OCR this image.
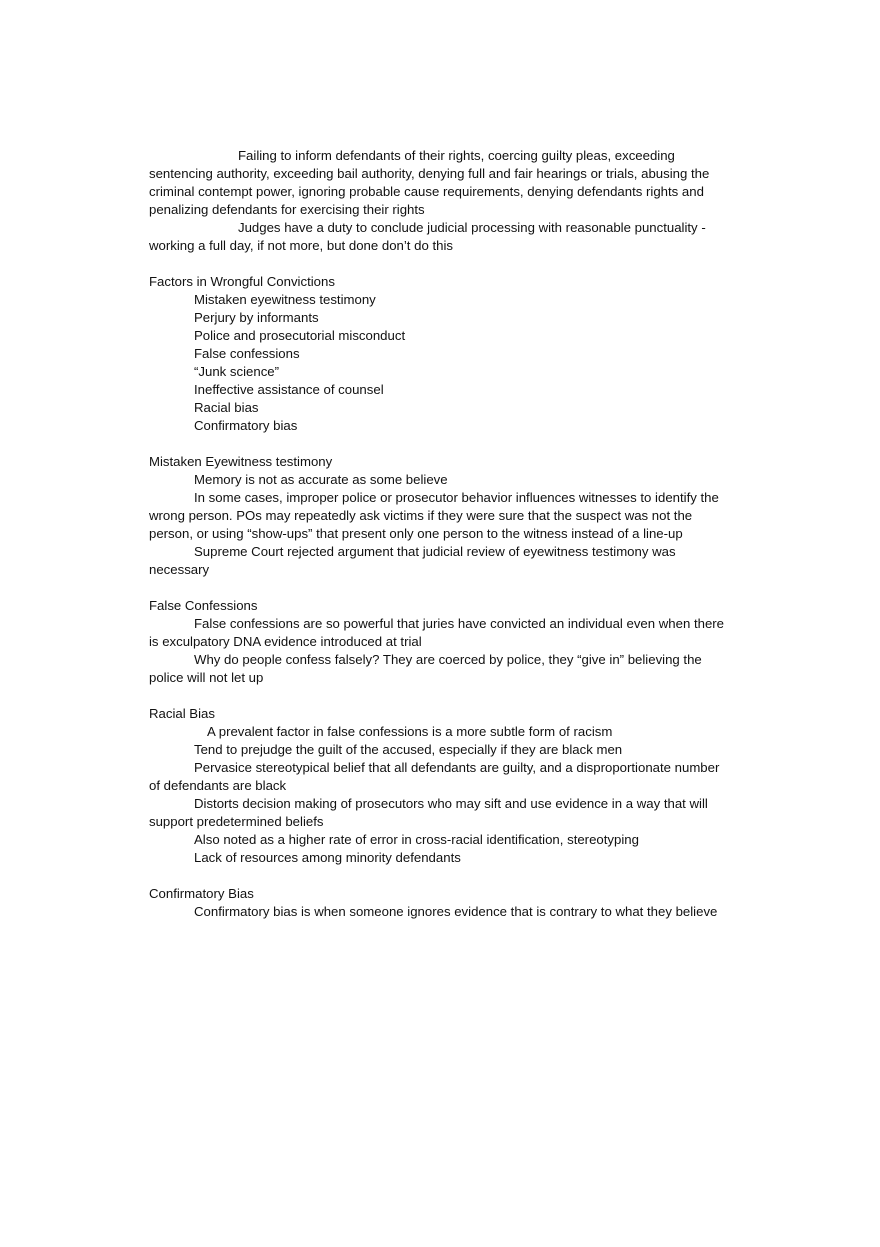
Failing to inform defendants of their rights, coercing guilty pleas, exceeding sentencing authority, exceeding bail authority, denying full and fair hearings or trials, abusing the criminal contempt power, ignoring probable cause requirements, denying defendants rights and penalizing defendants for exercising their rights

Judges have a duty to conclude judicial processing with reasonable punctuality - working a full day, if not more, but done don’t do this

Factors in Wrongful Convictions

Mistaken eyewitness testimony

Perjury by informants

Police and prosecutorial misconduct

False confessions

“Junk science”

Ineffective assistance of counsel

Racial bias

Confirmatory bias

Mistaken Eyewitness testimony

Memory is not as accurate as some believe

In some cases, improper police or prosecutor behavior influences witnesses to identify the wrong person. POs may repeatedly ask victims if they were sure that the suspect was not the person, or using “show-ups” that present only one person to the witness instead of a line-up

Supreme Court rejected argument that judicial review of eyewitness testimony was necessary

False Confessions

False confessions are so powerful that juries have convicted an individual even when there is exculpatory DNA evidence introduced at trial

Why do people confess falsely? They are coerced by police, they “give in” believing the police will not let up

Racial Bias

A prevalent factor in false confessions is a more subtle form of racism

Tend to prejudge the guilt of the accused, especially if they are black men

Pervasice stereotypical belief that all defendants are guilty, and a disproportionate number of defendants are black

Distorts decision making of prosecutors who may sift and use evidence in a way that will support predetermined beliefs

Also noted as a higher rate of error in cross-racial identification, stereotyping

Lack of resources among minority defendants

Confirmatory Bias

Confirmatory bias is when someone ignores evidence that is contrary to what they believe
